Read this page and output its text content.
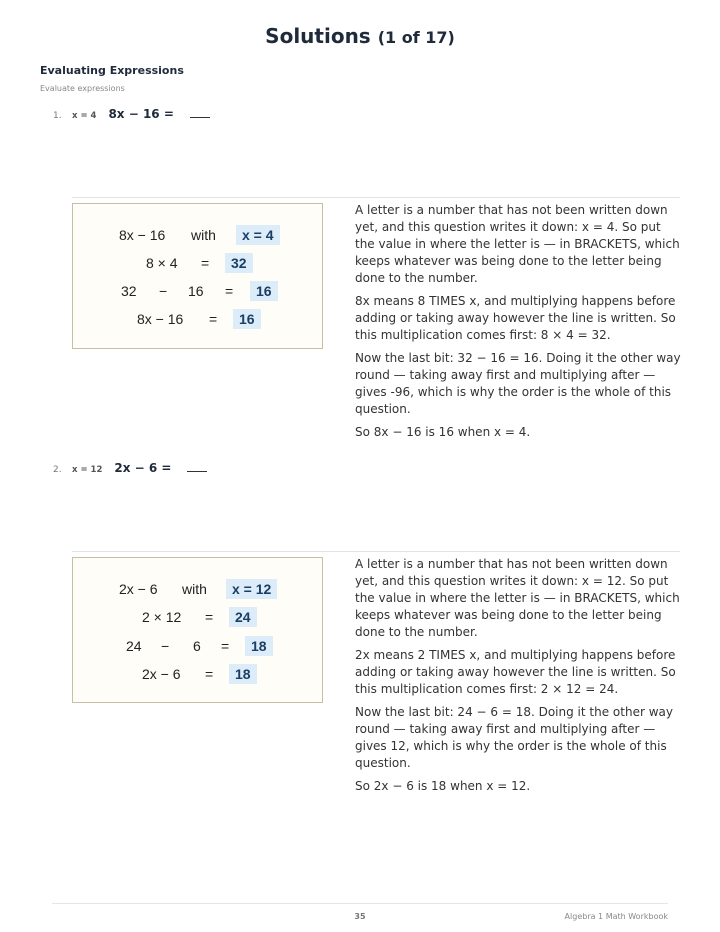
Solutions (1 of 17)
Evaluating Expressions
Evaluate expressions
1.	x = 4 8x − 16 =
8x − 16 with	x = 4
8 × 4 =	32
32 − 16 =	16
8x − 16 =	16

A letter is a number that has not been written down yet, and this question writes it down: x = 4. So put the value in where the letter is — in BRACKETS, which keeps whatever was being done to the letter being done to the number.

8x means 8 TIMES x, and multiplying happens before adding or taking away however the line is written. So this multiplication comes first: 8 × 4 = 32.

Now the last bit: 32 − 16 = 16. Doing it the other way round — taking away first and multiplying after — gives -96, which is why the order is the whole of this question.

So 8x − 16 is 16 when x = 4.

2.	x = 12 2x − 6 =
2x − 6 with	x = 12
2 × 12 =	24
24 − 6 =	18
2x − 6 =	18

A letter is a number that has not been written down yet, and this question writes it down: x = 12. So put the value in where the letter is — in BRACKETS, which keeps whatever was being done to the letter being done to the number.

2x means 2 TIMES x, and multiplying happens before adding or taking away however the line is written. So this multiplication comes first: 2 × 12 = 24.

Now the last bit: 24 − 6 = 18. Doing it the other way round — taking away first and multiplying after — gives 12, which is why the order is the whole of this question.

So 2x − 6 is 18 when x = 12.

35	Algebra 1 Math Workbook
